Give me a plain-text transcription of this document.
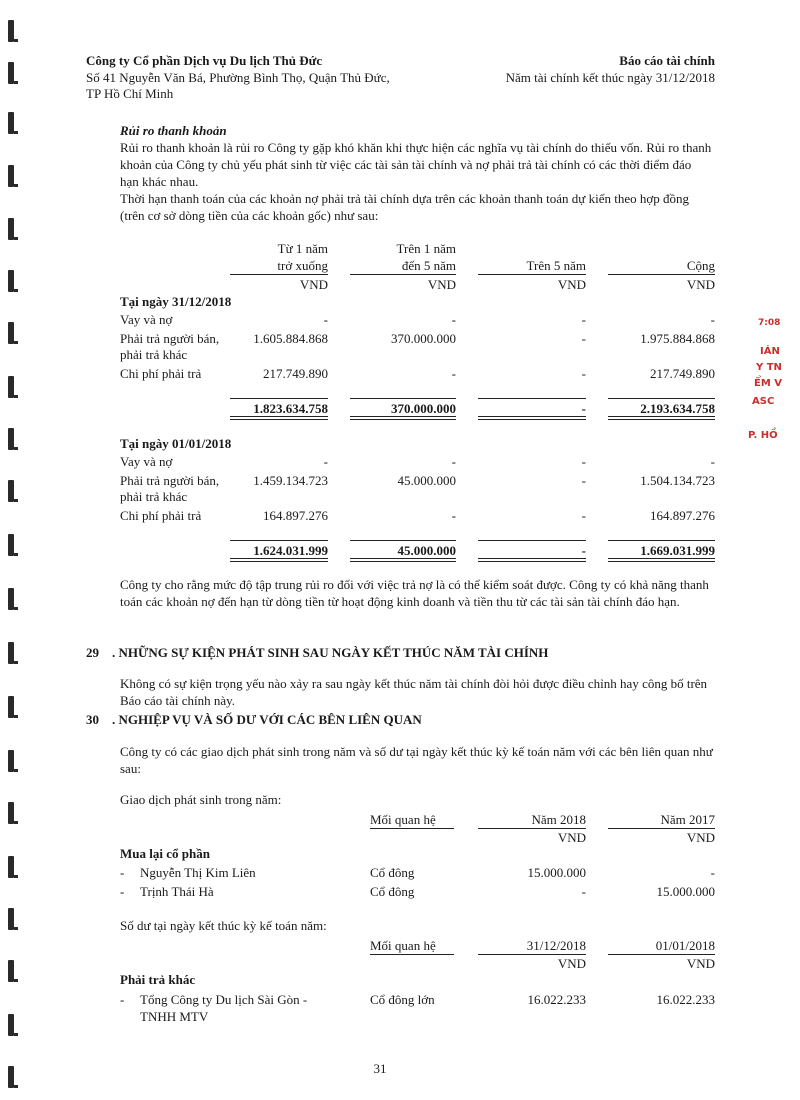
7:08
IÁN
Y TN
ỂM V
ASC
P. HỒ
Công ty Cổ phần Dịch vụ Du lịch Thủ Đức
Số 41 Nguyễn Văn Bá, Phường Bình Thọ, Quận Thủ Đức,
TP Hồ Chí Minh
Báo cáo tài chính
Năm tài chính kết thúc ngày 31/12/2018
Rủi ro thanh khoản
Rủi ro thanh khoản là rủi ro Công ty gặp khó khăn khi thực hiện các nghĩa vụ tài chính do thiếu vốn. Rủi ro thanh
khoản của Công ty chủ yếu phát sinh từ việc các tài sản tài chính và nợ phải trả tài chính có các thời điểm đáo
hạn khác nhau.
Thời hạn thanh toán của các khoản nợ phải trả tài chính dựa trên các khoản thanh toán dự kiến theo hợp đồng
(trên cơ sở dòng tiền của các khoản gốc) như sau:
Từ 1 năm
trở xuống
Trên 1 năm
đến 5 năm	Trên 5 năm	Cộng
VND	VND	VND	VND
Tại ngày 31/12/2018
Vay và nợ	-	-	-	-
Phải trả người bán,
phải trả khác
1.605.884.868	370.000.000	-	1.975.884.868
Chi phí phải trả	217.749.890	-	-	217.749.890
1.823.634.758	370.000.000	-	2.193.634.758
Tại ngày 01/01/2018
Vay và nợ	-	-	-	-
Phải trả người bán,
phải trả khác
1.459.134.723	45.000.000	-	1.504.134.723
Chi phí phải trả	164.897.276	-	-	164.897.276
1.624.031.999	45.000.000	-	1.669.031.999
Công ty cho rằng mức độ tập trung rủi ro đối với việc trả nợ là có thể kiểm soát được. Công ty có khả năng thanh
toán các khoản nợ đến hạn từ dòng tiền từ hoạt động kinh doanh và tiền thu từ các tài sản tài chính đáo hạn.
29 . NHỮNG SỰ KIỆN PHÁT SINH SAU NGÀY KẾT THÚC NĂM TÀI CHÍNH
Không có sự kiện trọng yếu nào xảy ra sau ngày kết thúc năm tài chính đòi hỏi được điều chỉnh hay công bố trên
Báo cáo tài chính này.
30 . NGHIỆP VỤ VÀ SỐ DƯ VỚI CÁC BÊN LIÊN QUAN
Công ty có các giao dịch phát sinh trong năm và số dư tại ngày kết thúc kỳ kế toán năm với các bên liên quan như
sau:
Giao dịch phát sinh trong năm:
Mối quan hệ	Năm 2018	Năm 2017
VND	VND
Mua lại cổ phần
- Nguyễn Thị Kim Liên	Cổ đông	15.000.000	-
- Trịnh Thái Hà	Cổ đông	-	15.000.000
Số dư tại ngày kết thúc kỳ kế toán năm:
Mối quan hệ	31/12/2018	01/01/2018
VND	VND
Phải trả khác
- Tổng Công ty Du lịch Sài Gòn -
TNHH MTV
Cổ đông lớn	16.022.233	16.022.233
31
